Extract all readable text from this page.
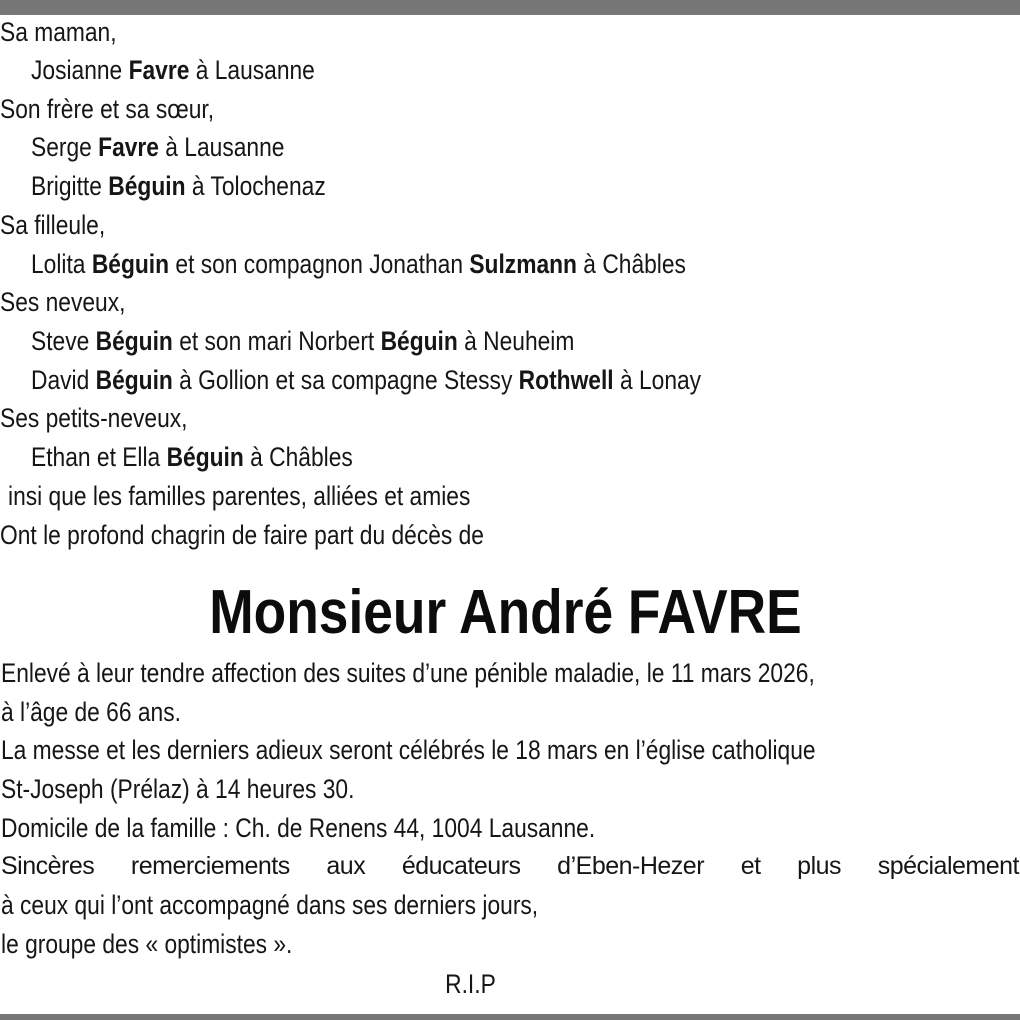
Sa maman,
Josianne Favre à Lausanne
Son frère et sa sœur,
Serge Favre à Lausanne
Brigitte Béguin à Tolochenaz
Sa filleule,
Lolita Béguin et son compagnon Jonathan Sulzmann à Châbles
Ses neveux,
Steve Béguin et son mari Norbert Béguin à Neuheim
David Béguin à Gollion et sa compagne Stessy Rothwell à Lonay
Ses petits-neveux,
Ethan et Ella Béguin à Châbles
insi que les familles parentes, alliées et amies
Ont le profond chagrin de faire part du décès de
Monsieur André FAVRE
Enlevé à leur tendre affection des suites d’une pénible maladie, le 11 mars 2026,
à l’âge de 66 ans.
La messe et les derniers adieux seront célébrés le 18 mars en l’église catholique
St-Joseph (Prélaz) à 14 heures 30.
Domicile de la famille : Ch. de Renens 44, 1004 Lausanne.
Sincères remerciements aux éducateurs d’Eben-Hezer et plus spécialement
à ceux qui l’ont accompagné dans ses derniers jours,
le groupe des « optimistes ».
R.I.P
